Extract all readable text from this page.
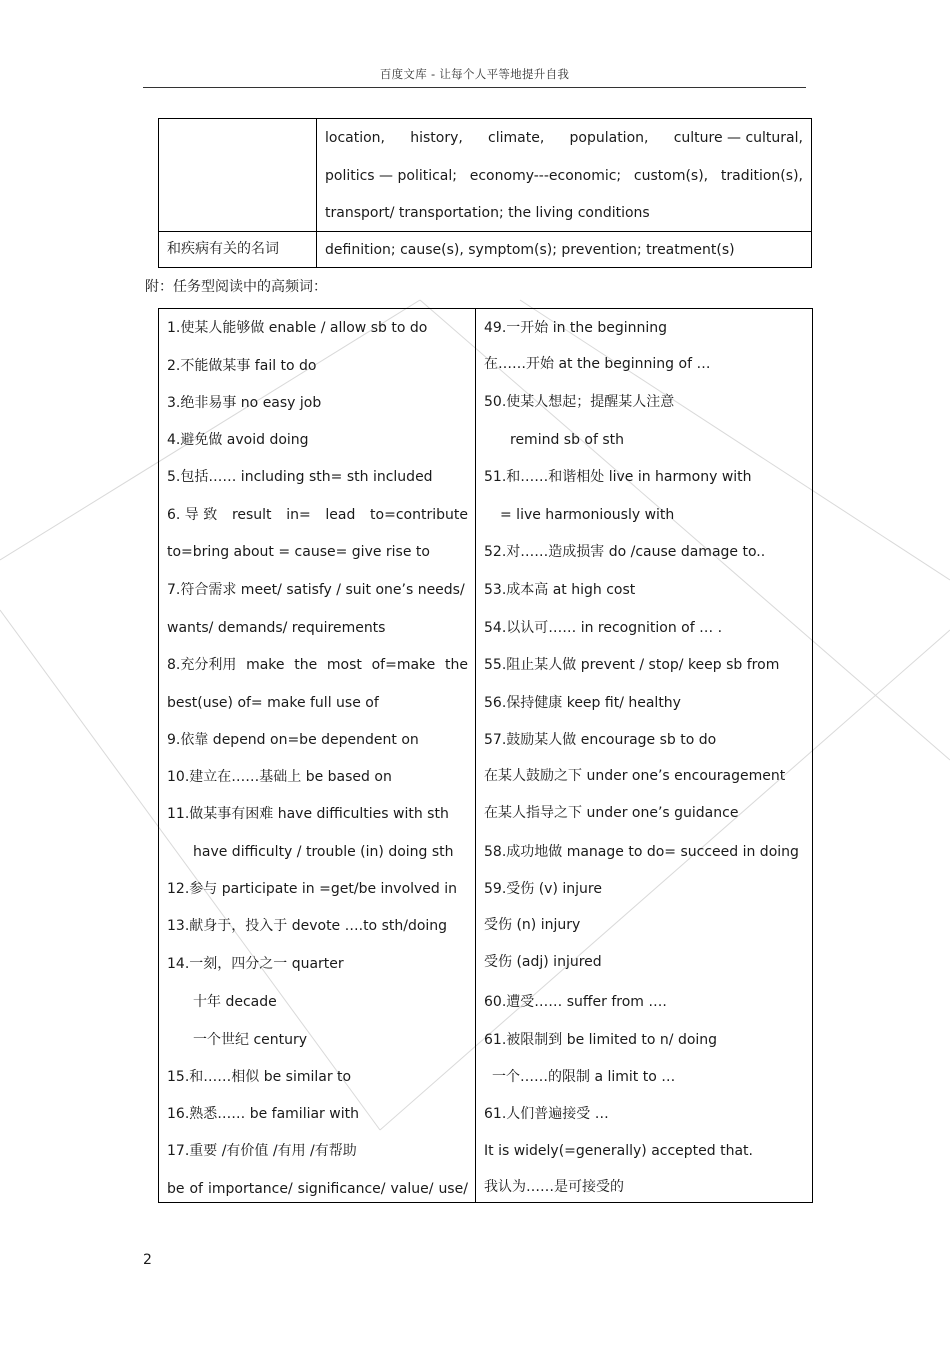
百度文库 - 让每个人平等地提升自我
location, history, climate, population, culture — cultural,
politics — political; economy---economic; custom(s), tradition(s),
transport/ transportation; the living conditions
和疾病有关的名词	definition; cause(s), symptom(s); prevention; treatment(s)
附：任务型阅读中的高频词：
1.使某人能够做 enable / allow sb to do
2.不能做某事 fail to do
3.绝非易事 no easy job
4.避免做 avoid doing
5.包括…… including sth= sth included
6. 导 致 result in= lead to=contribute
to=bring about = cause= give rise to
7.符合需求 meet/ satisfy / suit one’s needs/
wants/ demands/ requirements
8.充分利用 make the most of=make the
best(use) of= make full use of
9.依靠 depend on=be dependent on
10.建立在……基础上 be based on
11.做某事有困难 have difficulties with sth
have difficulty / trouble (in) doing sth
12.参与 participate in =get/be involved in
13.献身于，投入于 devote ….to sth/doing
14.一刻，四分之一 quarter
十年 decade
一个世纪 century
15.和……相似 be similar to
16.熟悉…… be familiar with
17.重要 /有价值 /有用 /有帮助
be of importance/ significance/ value/ use/
49.一开始 in the beginning
在……开始 at the beginning of …
50.使某人想起；提醒某人注意
remind sb of sth
51.和……和谐相处 live in harmony with
= live harmoniously with
52.对……造成损害 do /cause damage to..
53.成本高 at high cost
54.以认可…… in recognition of … .
55.阻止某人做 prevent / stop/ keep sb from
56.保持健康 keep fit/ healthy
57.鼓励某人做 encourage sb to do
在某人鼓励之下 under one’s encouragement
在某人指导之下 under one’s guidance
58.成功地做 manage to do= succeed in doing
59.受伤 (v) injure
受伤 (n) injury
受伤 (adj) injured
60.遭受…… suffer from ….
61.被限制到 be limited to n/ doing
一个……的限制 a limit to …
61.人们普遍接受 …
It is widely(=generally) accepted that.
我认为……是可接受的
2
